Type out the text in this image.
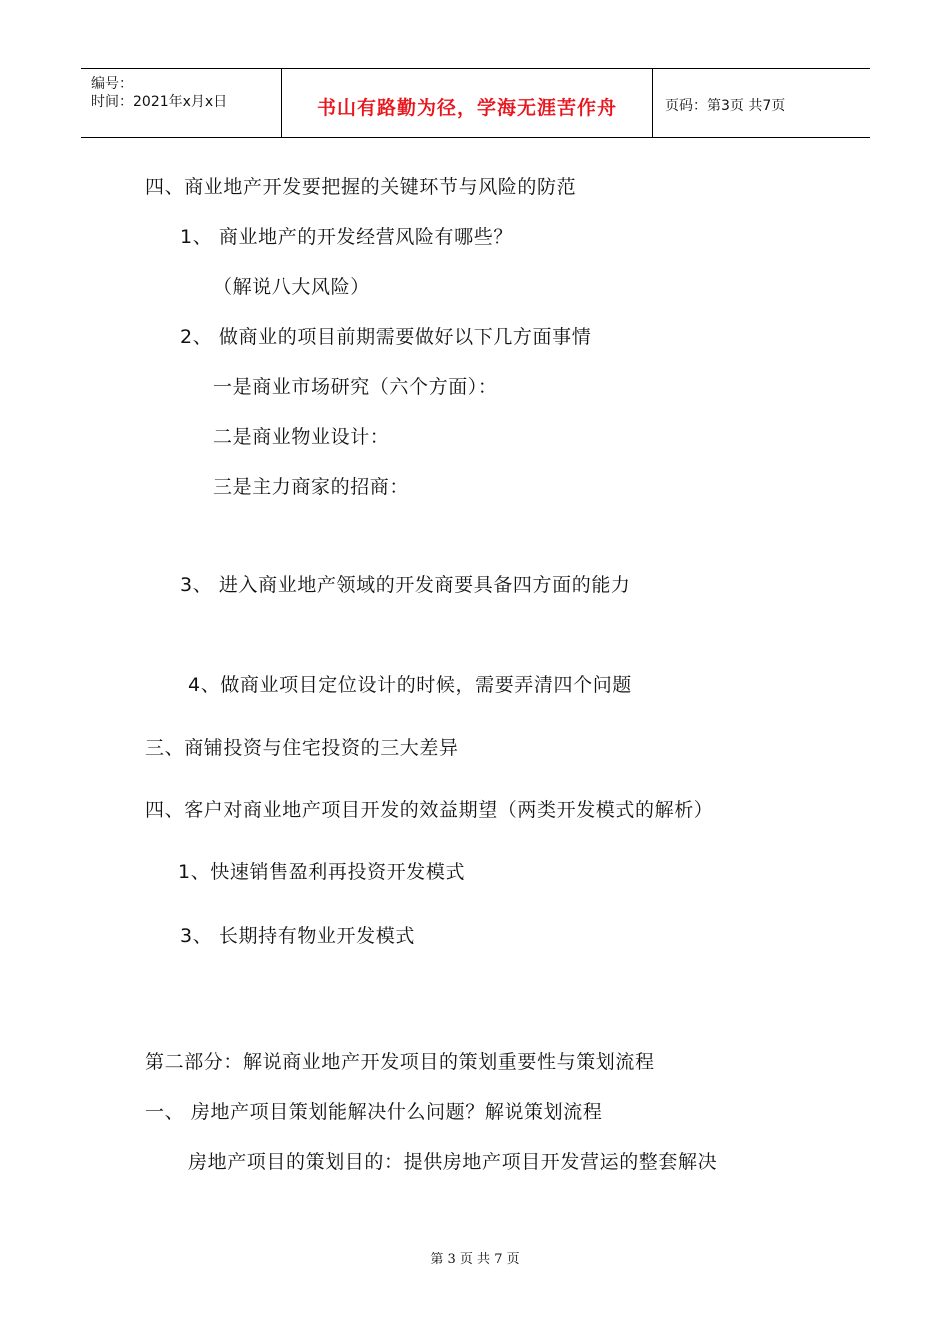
编号：
时间：2021年x月x日	书山有路勤为径，学海无涯苦作舟	页码：第3页 共7页
四、商业地产开发要把握的关键环节与风险的防范
1、 商业地产的开发经营风险有哪些？
（解说八大风险）
2、 做商业的项目前期需要做好以下几方面事情
一是商业市场研究（六个方面）：
二是商业物业设计：
三是主力商家的招商：
3、 进入商业地产领域的开发商要具备四方面的能力
4、做商业项目定位设计的时候，需要弄清四个问题
三、商铺投资与住宅投资的三大差异
四、客户对商业地产项目开发的效益期望（两类开发模式的解析）
1、快速销售盈利再投资开发模式
3、 长期持有物业开发模式
第二部分：解说商业地产开发项目的策划重要性与策划流程
一、 房地产项目策划能解决什么问题？解说策划流程
房地产项目的策划目的：提供房地产项目开发营运的整套解决
第 3 页 共 7 页
